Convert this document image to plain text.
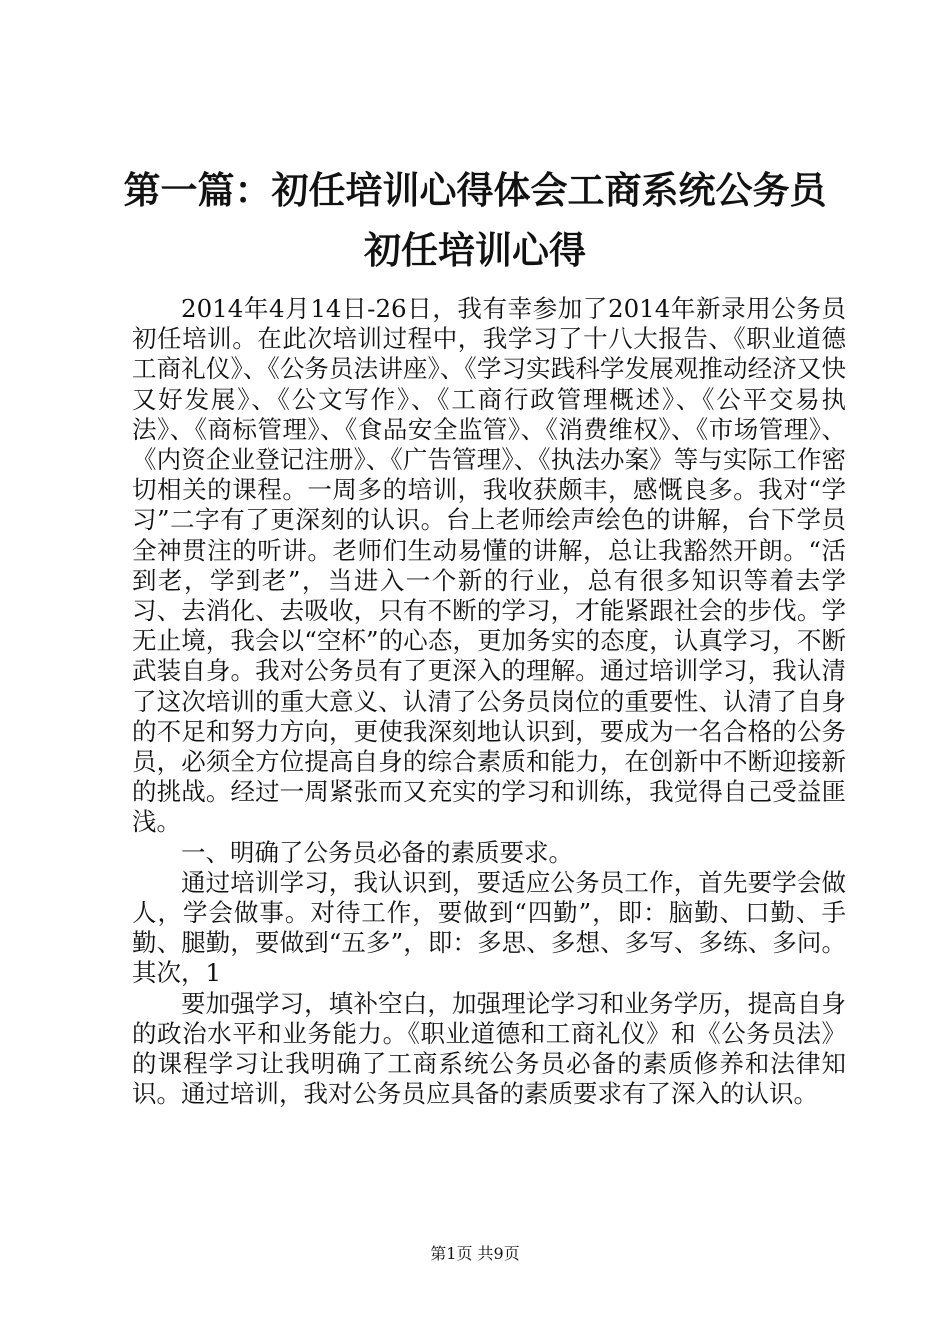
第一篇：初任培训心得体会工商系统公务员初任培训心得

2014年4月14日-26日，我有幸参加了2014年新录用公务员初任培训。在此次培训过程中，我学习了十八大报告、《职业道德工商礼仪》、《公务员法讲座》、《学习实践科学发展观推动经济又快又好发展》、《公文写作》、《工商行政管理概述》、《公平交易执法》、《商标管理》、《食品安全监管》、《消费维权》、《市场管理》、《内资企业登记注册》、《广告管理》、《执法办案》等与实际工作密切相关的课程。一周多的培训，我收获颇丰，感慨良多。我对“学习”二字有了更深刻的认识。台上老师绘声绘色的讲解，台下学员全神贯注的听讲。老师们生动易懂的讲解，总让我豁然开朗。“活到老，学到老”，当进入一个新的行业，总有很多知识等着去学习、去消化、去吸收，只有不断的学习，才能紧跟社会的步伐。学无止境，我会以“空杯”的心态，更加务实的态度，认真学习，不断武装自身。我对公务员有了更深入的理解。通过培训学习，我认清了这次培训的重大意义、认清了公务员岗位的重要性、认清了自身的不足和努力方向，更使我深刻地认识到，要成为一名合格的公务员，必须全方位提高自身的综合素质和能力，在创新中不断迎接新的挑战。经过一周紧张而又充实的学习和训练，我觉得自己受益匪浅。

一、明确了公务员必备的素质要求。

通过培训学习，我认识到，要适应公务员工作，首先要学会做人，学会做事。对待工作，要做到“四勤”，即：脑勤、口勤、手勤、腿勤，要做到“五多”，即：多思、多想、多写、多练、多问。其次，1

要加强学习，填补空白，加强理论学习和业务学历，提高自身的政治水平和业务能力。《职业道德和工商礼仪》和《公务员法》的课程学习让我明确了工商系统公务员必备的素质修养和法律知识。通过培训，我对公务员应具备的素质要求有了深入的认识。

第1页 共9页
